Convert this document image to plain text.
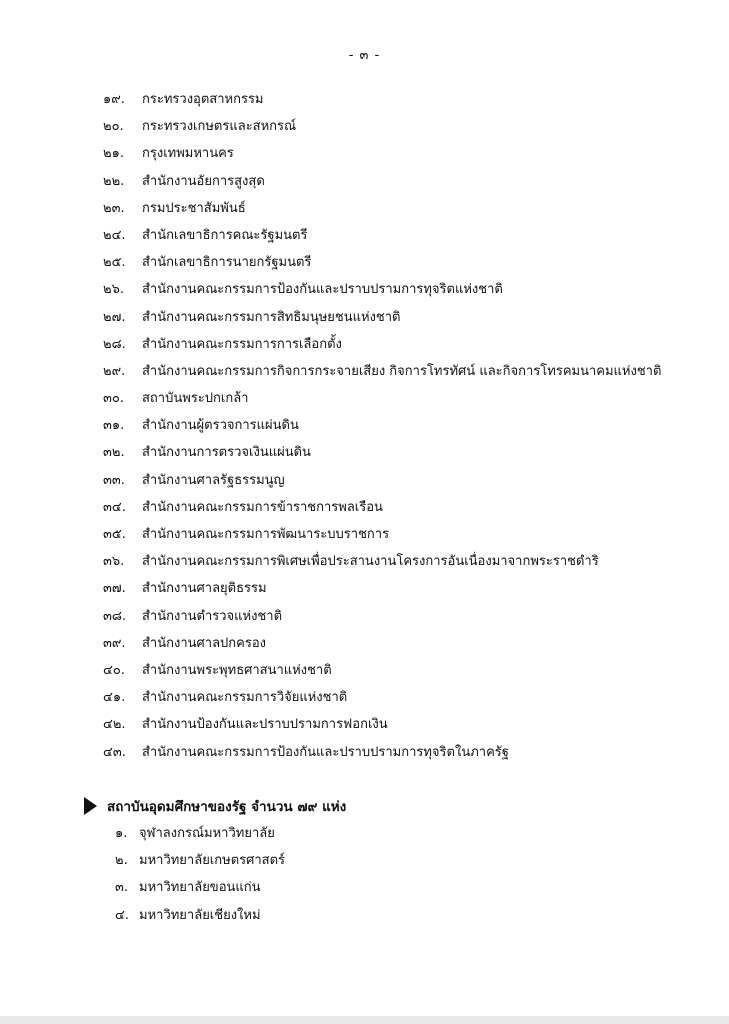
- ๓ -
๑๙. กระทรวงอุตสาหกรรม
๒๐. กระทรวงเกษตรและสหกรณ์
๒๑. กรุงเทพมหานคร
๒๒. สำนักงานอัยการสูงสุด
๒๓. กรมประชาสัมพันธ์
๒๔. สำนักเลขาธิการคณะรัฐมนตรี
๒๕. สำนักเลขาธิการนายกรัฐมนตรี
๒๖. สำนักงานคณะกรรมการป้องกันและปราบปรามการทุจริตแห่งชาติ
๒๗. สำนักงานคณะกรรมการสิทธิมนุษยชนแห่งชาติ
๒๘. สำนักงานคณะกรรมการการเลือกตั้ง
๒๙. สำนักงานคณะกรรมการกิจการกระจายเสียง กิจการโทรทัศน์ และกิจการโทรคมนาคมแห่งชาติ
๓๐. สถาบันพระปกเกล้า
๓๑. สำนักงานผู้ตรวจการแผ่นดิน
๓๒. สำนักงานการตรวจเงินแผ่นดิน
๓๓. สำนักงานศาลรัฐธรรมนูญ
๓๔. สำนักงานคณะกรรมการข้าราชการพลเรือน
๓๕. สำนักงานคณะกรรมการพัฒนาระบบราชการ
๓๖. สำนักงานคณะกรรมการพิเศษเพื่อประสานงานโครงการอันเนื่องมาจากพระราชดำริ
๓๗. สำนักงานศาลยุติธรรม
๓๘. สำนักงานตำรวจแห่งชาติ
๓๙. สำนักงานศาลปกครอง
๔๐. สำนักงานพระพุทธศาสนาแห่งชาติ
๔๑. สำนักงานคณะกรรมการวิจัยแห่งชาติ
๔๒. สำนักงานป้องกันและปราบปรามการฟอกเงิน
๔๓. สำนักงานคณะกรรมการป้องกันและปราบปรามการทุจริตในภาครัฐ
สถาบันอุดมศึกษาของรัฐ จำนวน ๗๙ แห่ง
๑. จุฬาลงกรณ์มหาวิทยาลัย
๒. มหาวิทยาลัยเกษตรศาสตร์
๓. มหาวิทยาลัยขอนแก่น
๔. มหาวิทยาลัยเชียงใหม่
